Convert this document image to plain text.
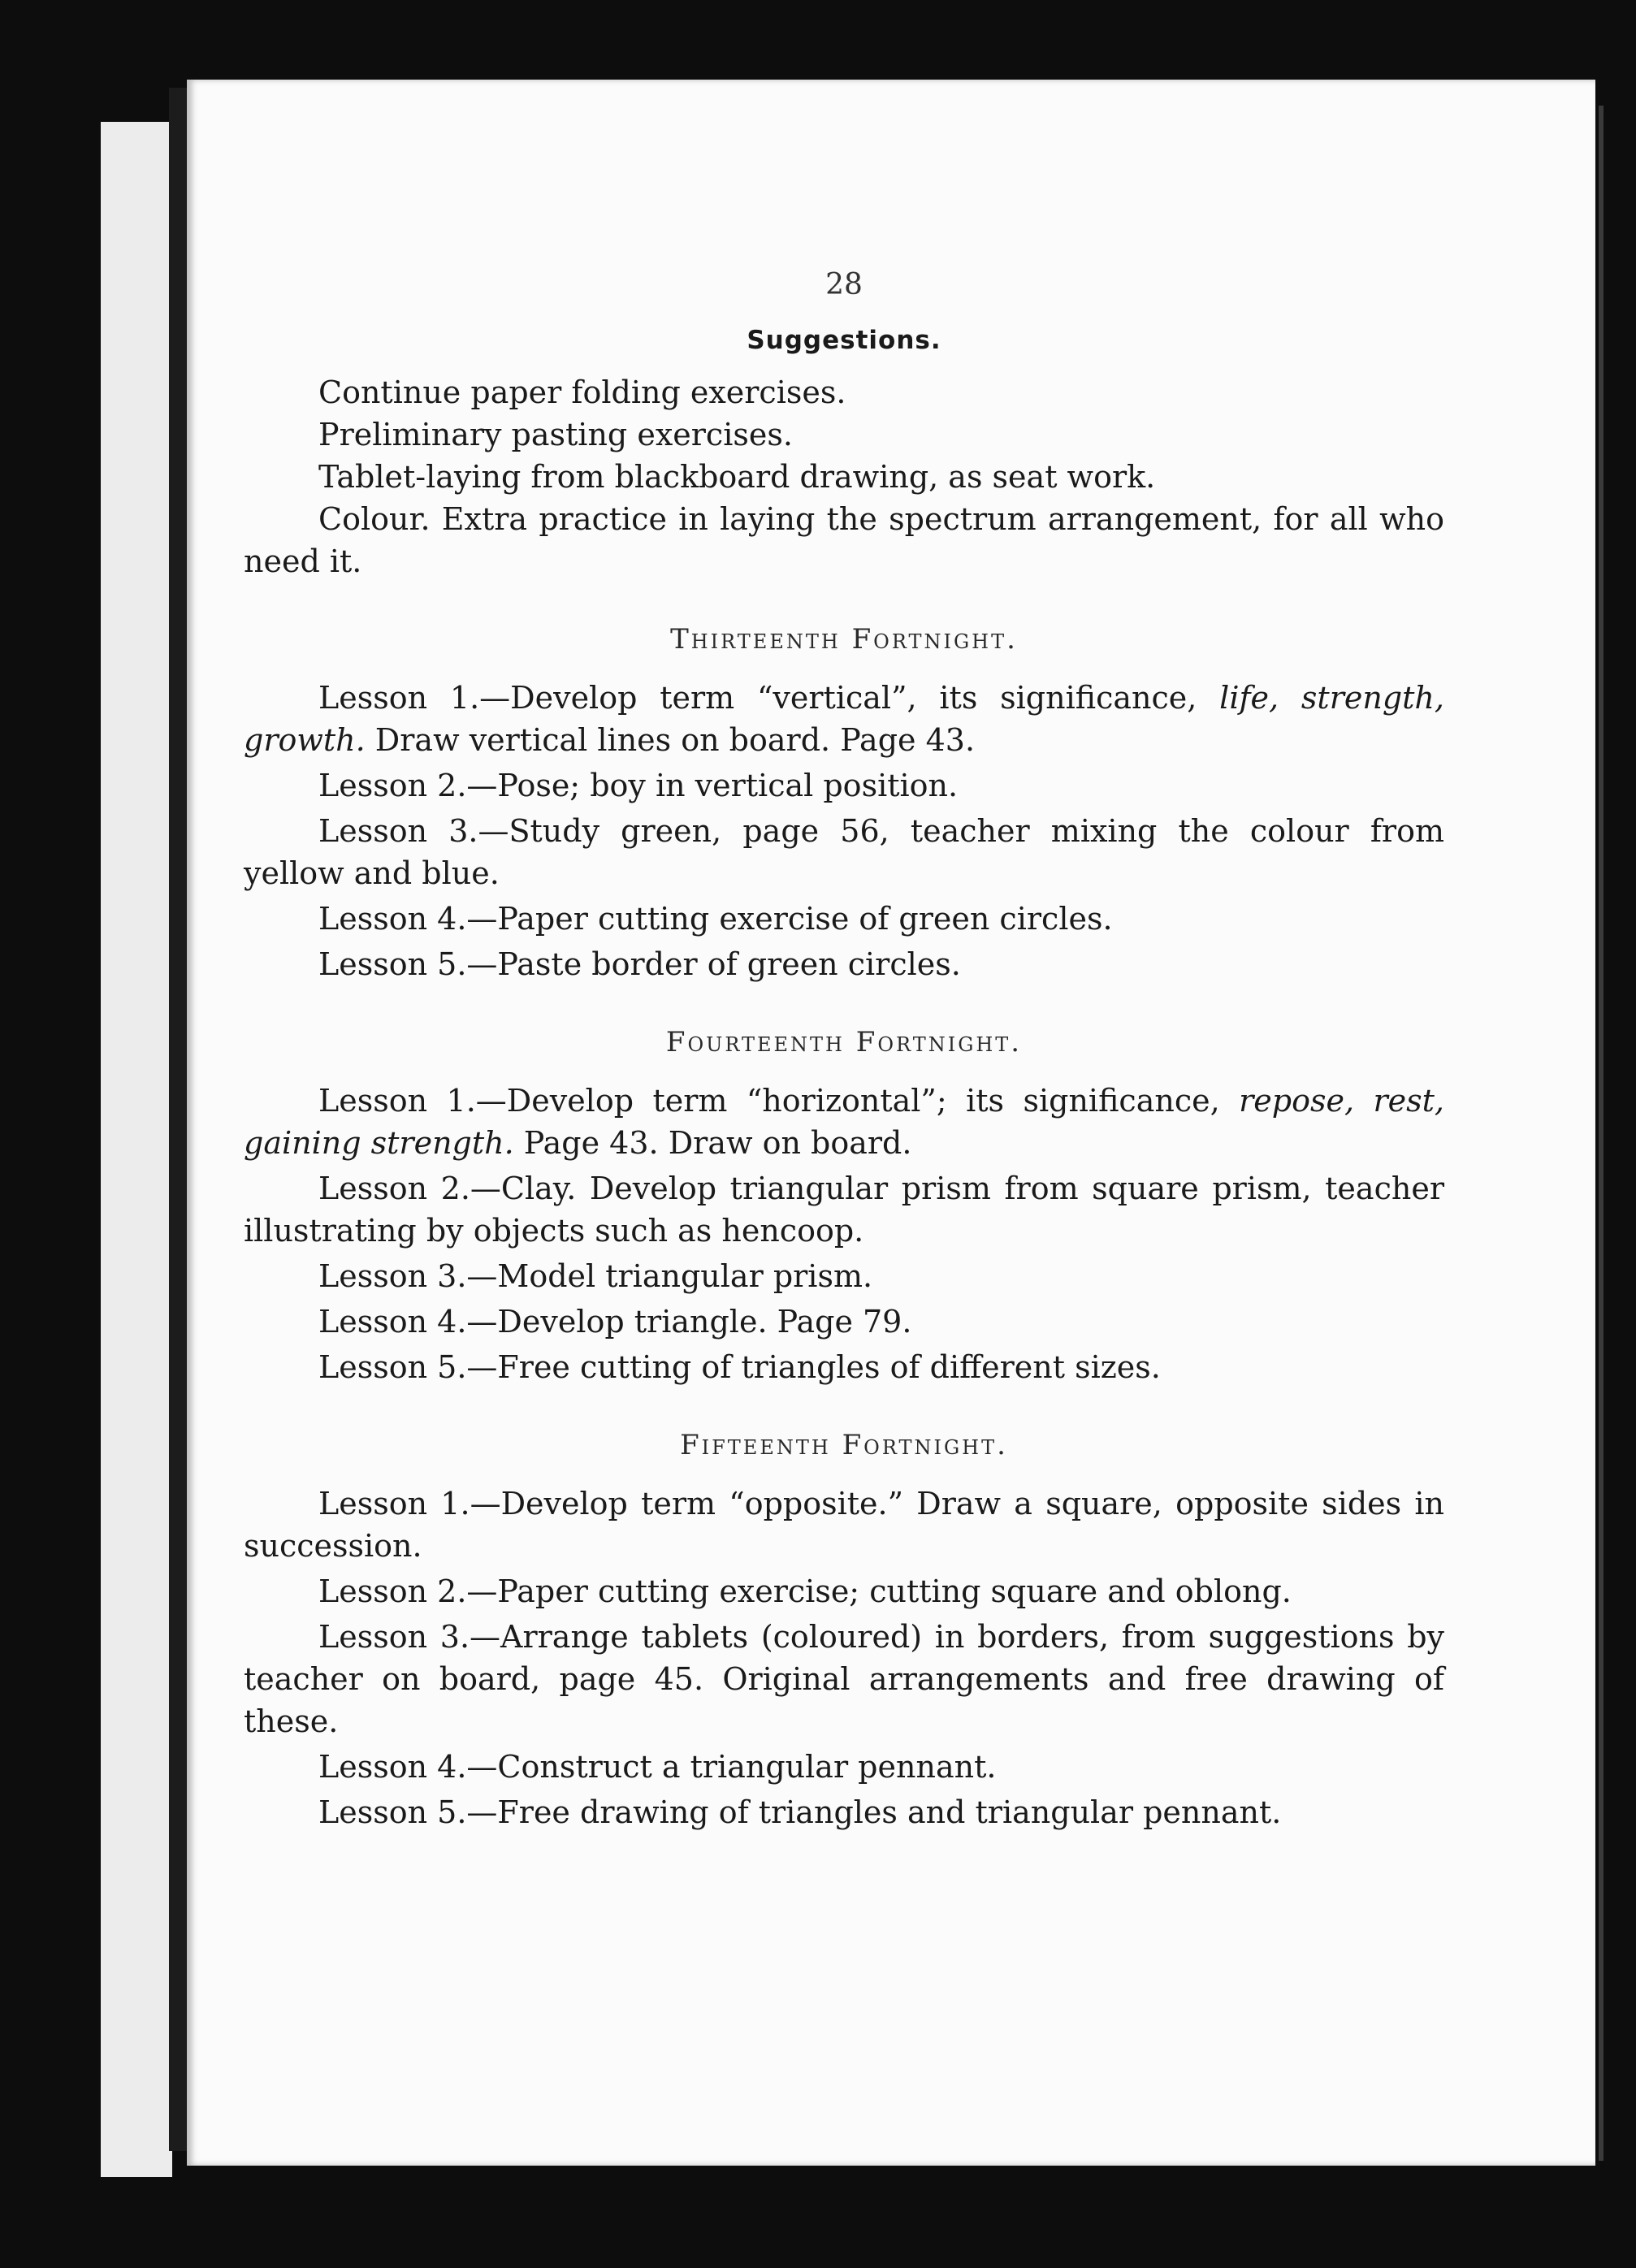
28
Suggestions.

Continue paper folding exercises.

Preliminary pasting exercises.

Tablet-laying from blackboard drawing, as seat work.

Colour. Extra practice in laying the spectrum arrangement, for all who need it.

Thirteenth Fortnight.

Lesson 1.—Develop term “vertical”, its significance, life, strength, growth. Draw vertical lines on board. Page 43.

Lesson 2.—Pose; boy in vertical position.

Lesson 3.—Study green, page 56, teacher mixing the colour from yellow and blue.

Lesson 4.—Paper cutting exercise of green circles.

Lesson 5.—Paste border of green circles.

Fourteenth Fortnight.

Lesson 1.—Develop term “horizontal”; its significance, repose, rest, gaining strength. Page 43. Draw on board.

Lesson 2.—Clay. Develop triangular prism from square prism, teacher illustrating by objects such as hencoop.

Lesson 3.—Model triangular prism.

Lesson 4.—Develop triangle. Page 79.

Lesson 5.—Free cutting of triangles of different sizes.

Fifteenth Fortnight.

Lesson 1.—Develop term “opposite.” Draw a square, opposite sides in succession.

Lesson 2.—Paper cutting exercise; cutting square and oblong.

Lesson 3.—Arrange tablets (coloured) in borders, from suggestions by teacher on board, page 45. Original arrangements and free drawing of these.

Lesson 4.—Construct a triangular pennant.

Lesson 5.—Free drawing of triangles and triangular pennant.
